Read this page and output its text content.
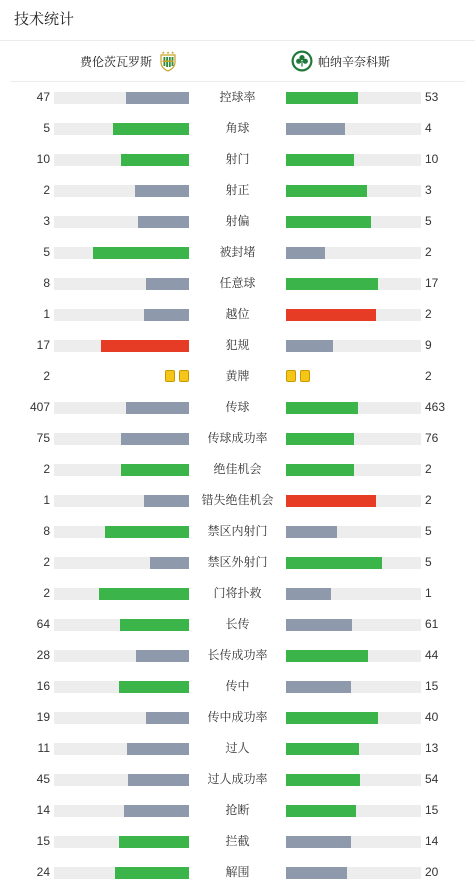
技术统计
费伦茨瓦罗斯
★ ★ ★
帕纳辛奈科斯
47	控球率	53
5	角球	4
10	射门	10
2	射正	3
3	射偏	5
5	被封堵	2
8	任意球	17
1	越位	2
17	犯规	9
2	黄牌	2
407	传球	463
75	传球成功率	76
2	绝佳机会	2
1	错失绝佳机会	2
8	禁区内射门	5
2	禁区外射门	5
2	门将扑救	1
64	长传	61
28	长传成功率	44
16	传中	15
19	传中成功率	40
11	过人	13
45	过人成功率	54
14	抢断	15
15	拦截	14
24	解围	20
